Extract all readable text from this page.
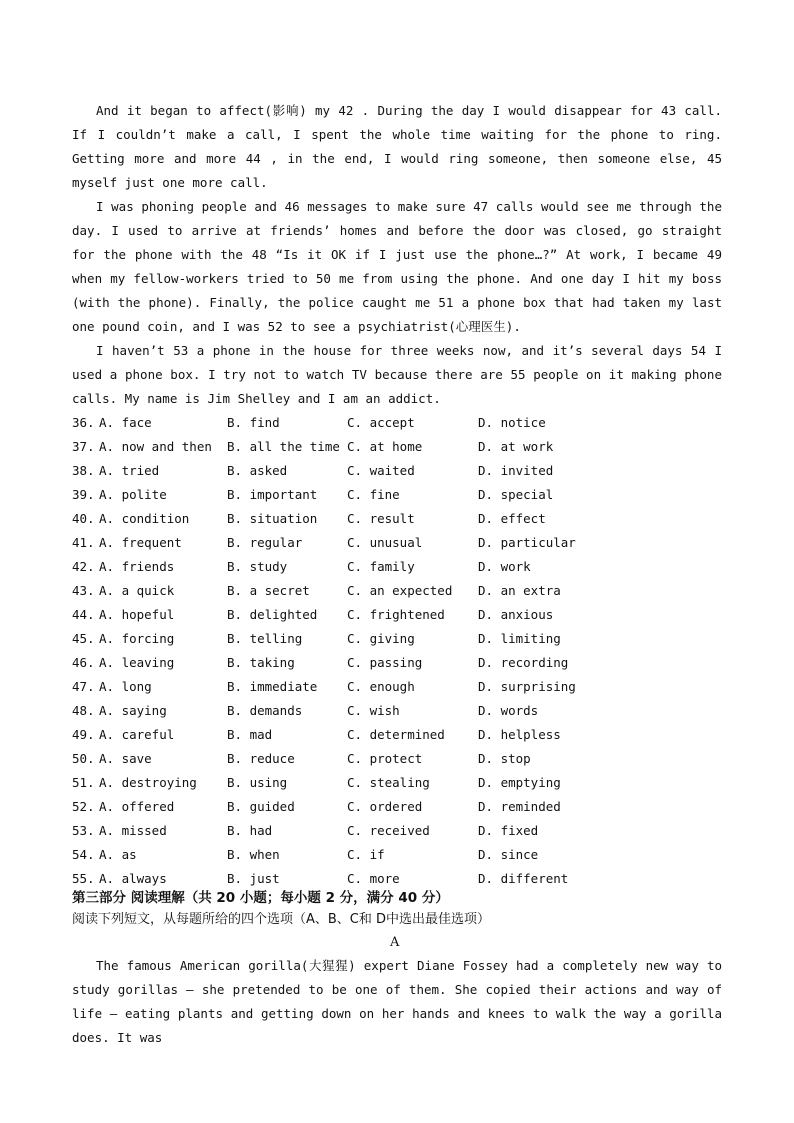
And it began to affect(影响) my 42 . During the day I would disappear for 43 call. If I couldn’t make a call, I spent the whole time waiting for the phone to ring. Getting more and more 44 , in the end, I would ring someone, then someone else, 45 myself just one more call.

I was phoning people and 46 messages to make sure 47 calls would see me through the day. I used to arrive at friends’ homes and before the door was closed, go straight for the phone with the 48 “Is it OK if I just use the phone…?” At work, I became 49 when my fellow-workers tried to 50 me from using the phone. And one day I hit my boss (with the phone). Finally, the police caught me 51 a phone box that had taken my last one pound coin, and I was 52 to see a psychiatrist(心理医生).

I haven’t 53 a phone in the house for three weeks now, and it’s several days 54 I used a phone box. I try not to watch TV because there are 55 people on it making phone calls. My name is Jim Shelley and I am an addict.

36. A. face	B. find	C. accept	D. notice
37. A. now and then B. all the time C. at home	D. at work
38. A. tried	B. asked	C. waited	D. invited
39. A. polite	B. important C. fine	D. special
40. A. condition	B. situation C. result	D. effect
41. A. frequent	B. regular	C. unusual	D. particular
42. A. friends	B. study	C. family	D. work
43. A. a quick	B. a secret	C. an expected D. an extra
44. A. hopeful	B. delighted C. frightened	D. anxious
45. A. forcing	B. telling	C. giving	D. limiting
46. A. leaving	B. taking	C. passing	D. recording
47. A. long	B. immediate C. enough	D. surprising
48. A. saying	B. demands	C. wish	D. words
49. A. careful	B. mad	C. determined	D. helpless
50. A. save	B. reduce	C. protect	D. stop
51. A. destroying B. using	C. stealing	D. emptying
52. A. offered	B. guided	C. ordered	D. reminded
53. A. missed	B. had	C. received	D. fixed
54. A. as	B. when	C. if	D. since
55. A. always	B. just	C. more	D. different
第三部分 阅读理解（共 20 小题；每小题 2 分，满分 40 分）
阅读下列短文，从每题所给的四个选项（A、B、C和 D中选出最佳选项）
A

The famous American gorilla(大猩猩) expert Diane Fossey had a completely new way to study gorillas — she pretended to be one of them. She copied their actions and way of life — eating plants and getting down on her hands and knees to walk the way a gorilla does. It was
